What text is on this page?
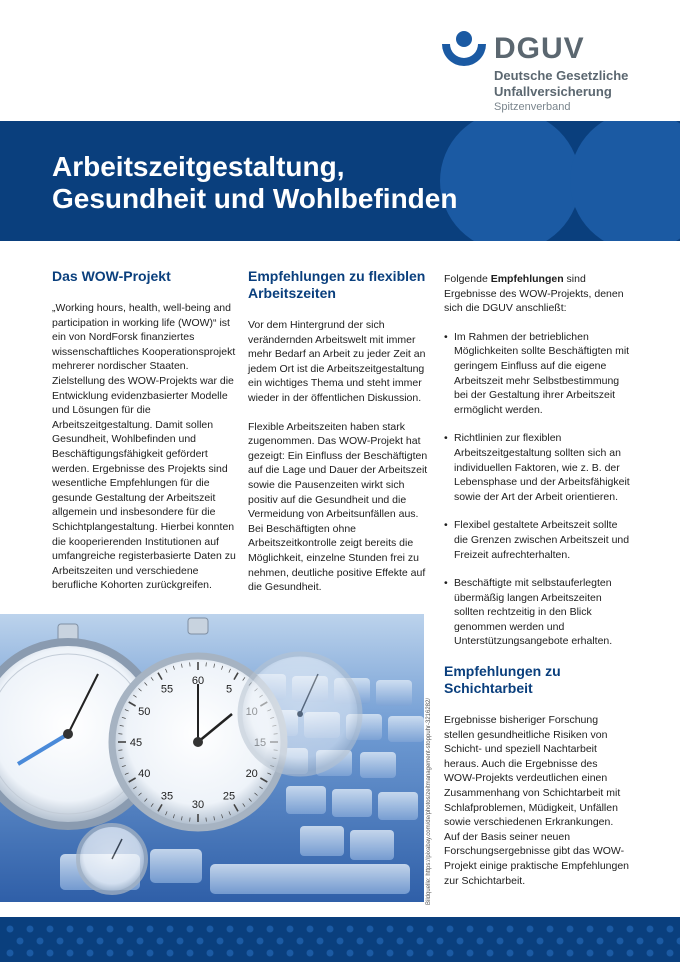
DGUV
Deutsche Gesetzliche
Unfallversicherung
Spitzenverband
Arbeitszeitgestaltung,
Gesundheit und Wohlbefinden
Das WOW-Projekt

„Working hours, health, well-being and participation in working life (WOW)“ ist ein von NordForsk finanziertes wissenschaftliches Kooperationsprojekt mehrerer nordischer Staaten. Zielstellung des WOW-Projekts war die Entwicklung evidenzbasierter Modelle und Lösungen für die Arbeitszeitgestaltung. Damit sollen Gesundheit, Wohlbefinden und Beschäftigungsfähigkeit gefördert werden. Ergebnisse des Projekts sind wesentliche Empfehlungen für die gesunde Gestaltung der Arbeitszeit allgemein und insbesondere für die Schichtplangestaltung. Hierbei konnten die kooperierenden Institutionen auf umfangreiche registerbasierte Daten zu Arbeitszeiten und verschiedene berufliche Kohorten zurückgreifen.

Empfehlungen zu flexiblen Arbeitszeiten

Vor dem Hintergrund der sich verändernden Arbeitswelt mit immer mehr Bedarf an Arbeit zu jeder Zeit an jedem Ort ist die Arbeitszeitgestaltung ein wichtiges Thema und steht immer wieder in der öffentlichen Diskussion.

Flexible Arbeitszeiten haben stark zugenommen. Das WOW-Projekt hat gezeigt: Ein Einfluss der Beschäftigten auf die Lage und Dauer der Arbeitszeit sowie die Pausenzeiten wirkt sich positiv auf die Gesundheit und die Vermeidung von Arbeitsunfällen aus. Bei Beschäftigten ohne Arbeitszeitkontrolle zeigt bereits die Möglichkeit, einzelne Stunden frei zu nehmen, deutliche positive Effekte auf die Gesundheit.

Folgende Empfehlungen sind Ergebnisse des WOW-Projekts, denen sich die DGUV anschließt:

• Im Rahmen der betrieblichen Möglichkeiten sollte Beschäftigten mit geringem Einfluss auf die eigene Arbeitszeit mehr Selbstbestimmung bei der Gestaltung ihrer Arbeitszeit ermöglicht werden.
• Richtlinien zur flexiblen Arbeitszeitgestaltung sollten sich an individuellen Faktoren, wie z. B. der Lebensphase und der Arbeitsfähigkeit sowie der Art der Arbeit orientieren.
• Flexibel gestaltete Arbeitszeit sollte die Grenzen zwischen Arbeitszeit und Freizeit aufrechterhalten.
• Beschäftigte mit selbstauferlegten übermäßig langen Arbeitszeiten sollten rechtzeitig in den Blick genommen werden und Unterstützungsangebote erhalten.
Empfehlungen zu Schichtarbeit

Ergebnisse bisheriger Forschung stellen gesundheitliche Risiken von Schicht- und speziell Nachtarbeit heraus. Auch die Ergebnisse des WOW-Projekts verdeutlichen einen Zusammenhang von Schichtarbeit mit Schlafproblemen, Müdigkeit, Unfällen sowie verschiedenen Erkrankungen. Auf der Basis seiner neuen Forschungsergebnisse gibt das WOW-Projekt einige praktische Empfehlungen zur Schichtarbeit.

60
5
20
25
30
35
40
45
50
55
Bildquelle: https://pixabay.com/de/photos/zeitmanagement-stoppuhr-3216282/
